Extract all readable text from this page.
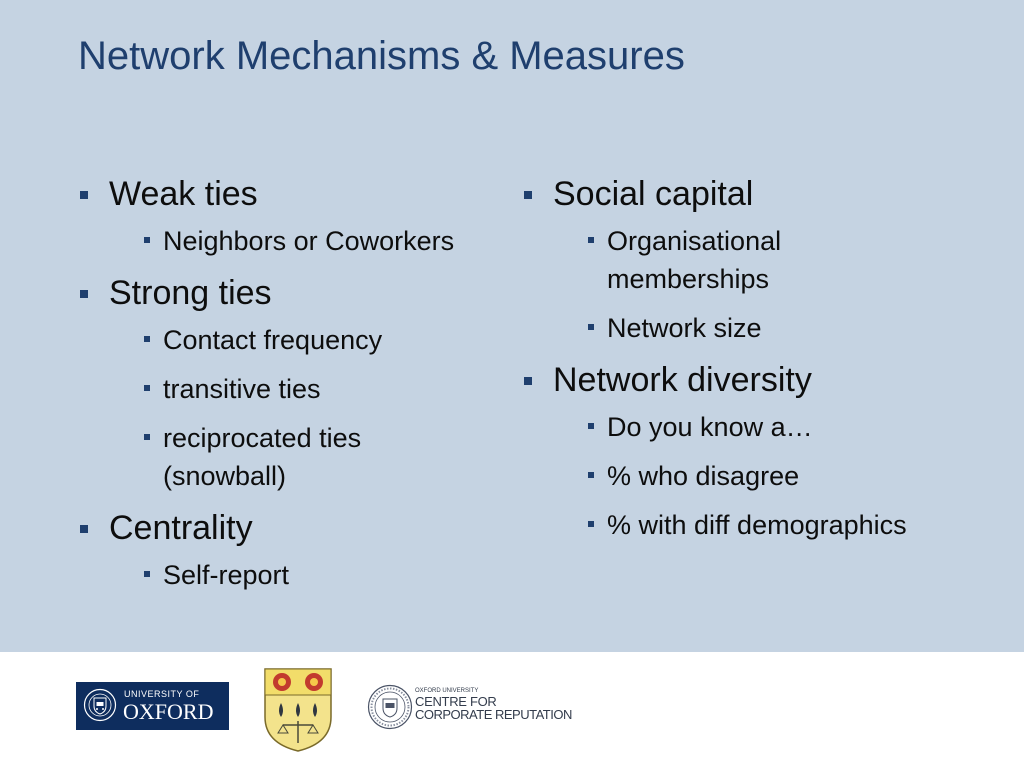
Network Mechanisms & Measures
Weak ties
Neighbors or Coworkers
Strong ties
Contact frequency
transitive ties
reciprocated ties (snowball)
Centrality
Self-report
Social capital
Organisational memberships
Network size
Network diversity
Do you know a…
% who disagree
% with diff demographics
UNIVERSITY OF
OXFORD
OXFORD UNIVERSITY
CENTRE FOR
CORPORATE REPUTATION
